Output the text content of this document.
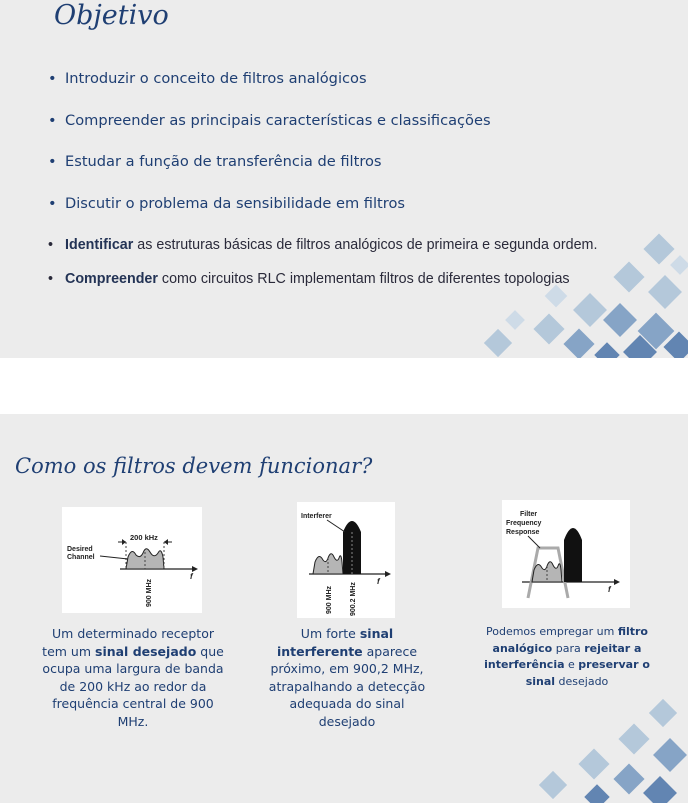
Objetivo
• Introduzir o conceito de filtros analógicos
• Compreender as principais características e classificações
• Estudar a função de transferência de filtros
• Discutir o problema da sensibilidade em filtros
• Identificar as estruturas básicas de filtros analógicos de primeira e segunda ordem.
• Compreender como circuitos RLC implementam filtros de diferentes topologias
Como os filtros devem funcionar?
200 kHz
Desired
Channel
f
900 MHz
Interferer
f
900 MHz 900.2 MHz
Filter
Frequency
Response
f

Um determinado receptor tem um sinal desejado que ocupa uma largura de banda de 200 kHz ao redor da frequência central de 900 MHz.

Um forte sinal interferente aparece próximo, em 900,2 MHz, atrapalhando a detecção adequada do sinal desejado

Podemos empregar um filtro analógico para rejeitar a interferência e preservar o sinal desejado
